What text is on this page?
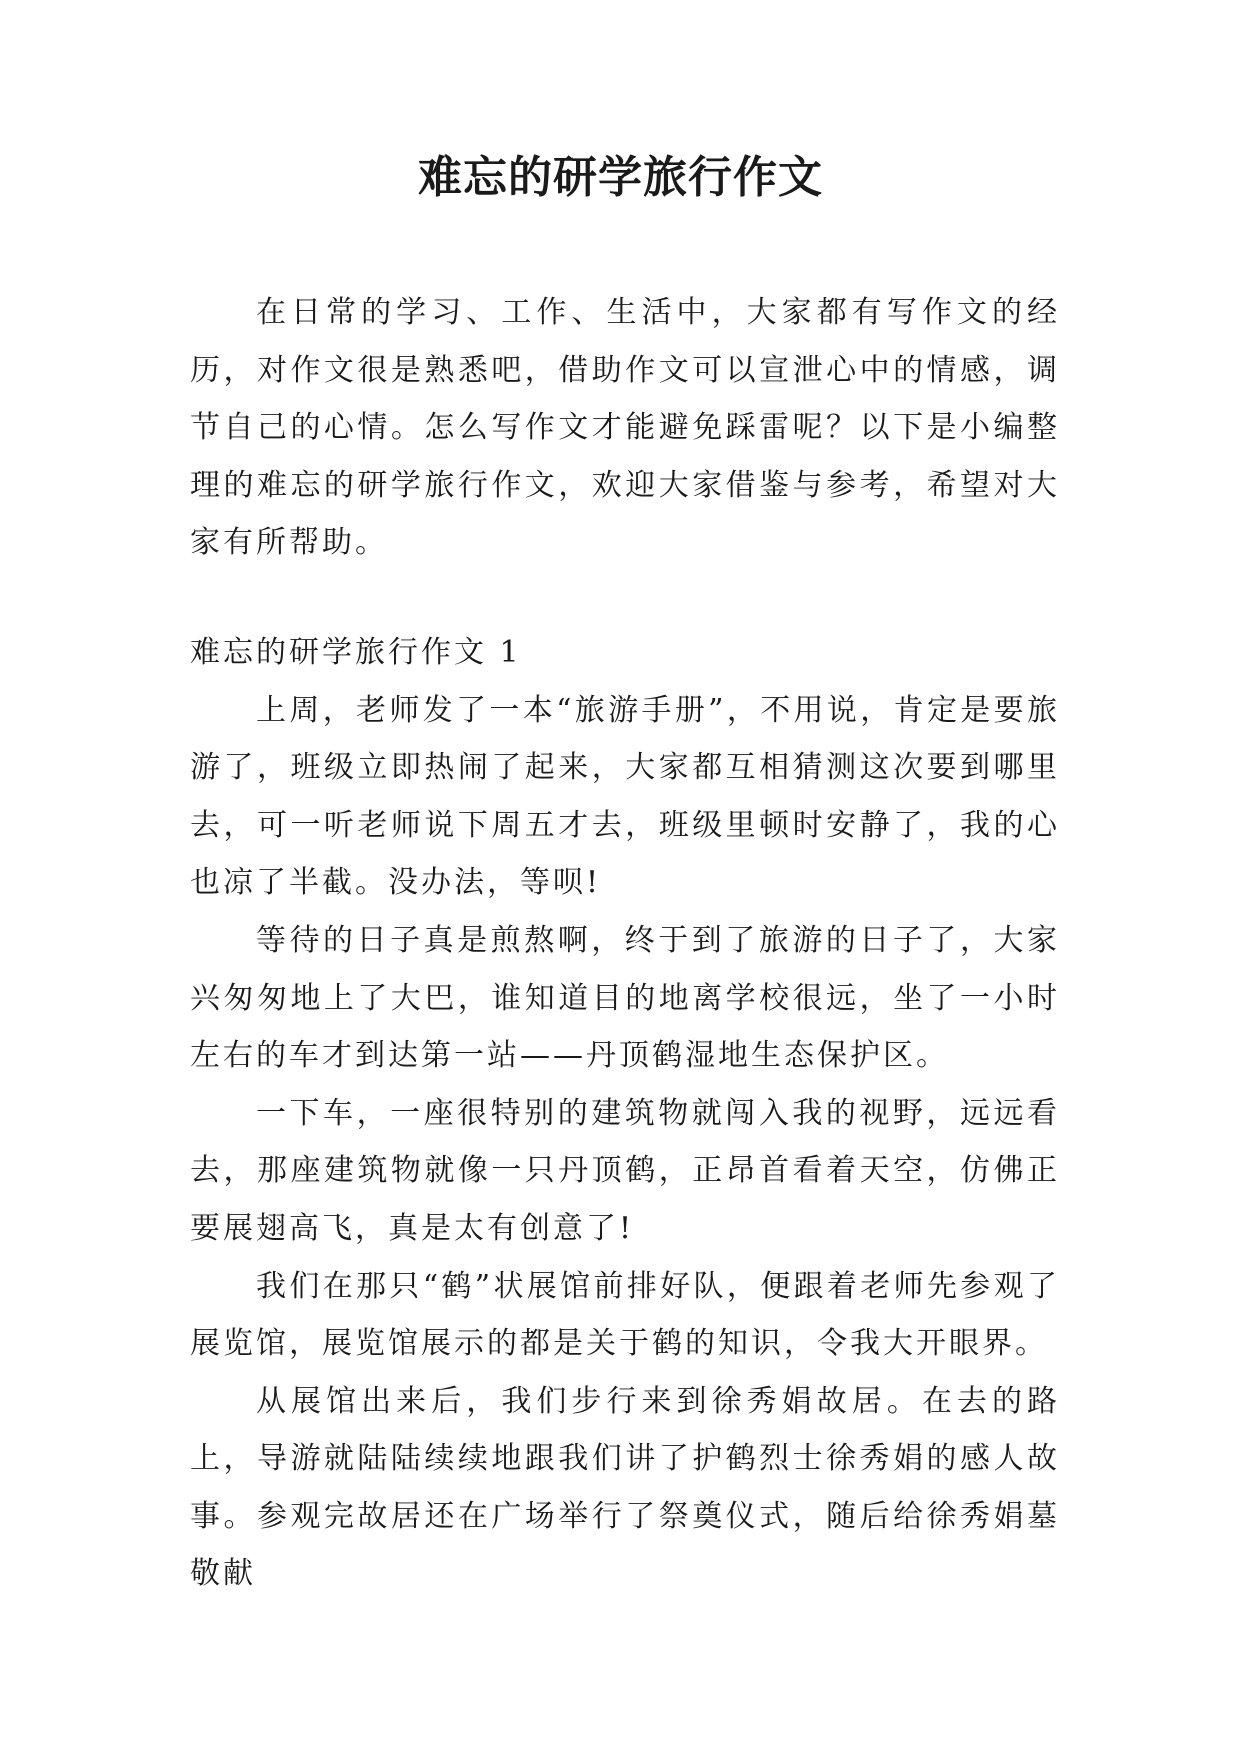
难忘的研学旅行作文

在日常的学习、工作、生活中，大家都有写作文的经历，对作文很是熟悉吧，借助作文可以宣泄心中的情感，调节自己的心情。怎么写作文才能避免踩雷呢？以下是小编整理的难忘的研学旅行作文，欢迎大家借鉴与参考，希望对大家有所帮助。

难忘的研学旅行作文 1

上周，老师发了一本“旅游手册”，不用说，肯定是要旅游了，班级立即热闹了起来，大家都互相猜测这次要到哪里去，可一听老师说下周五才去，班级里顿时安静了，我的心也凉了半截。没办法，等呗!

等待的日子真是煎熬啊，终于到了旅游的日子了，大家兴匆匆地上了大巴，谁知道目的地离学校很远，坐了一小时左右的车才到达第一站——丹顶鹤湿地生态保护区。

一下车，一座很特别的建筑物就闯入我的视野，远远看去，那座建筑物就像一只丹顶鹤，正昂首看着天空，仿佛正要展翅高飞，真是太有创意了!

我们在那只“鹤”状展馆前排好队，便跟着老师先参观了展览馆，展览馆展示的都是关于鹤的知识，令我大开眼界。

从展馆出来后，我们步行来到徐秀娟故居。在去的路上，导游就陆陆续续地跟我们讲了护鹤烈士徐秀娟的感人故事。参观完故居还在广场举行了祭奠仪式，随后给徐秀娟墓敬献
